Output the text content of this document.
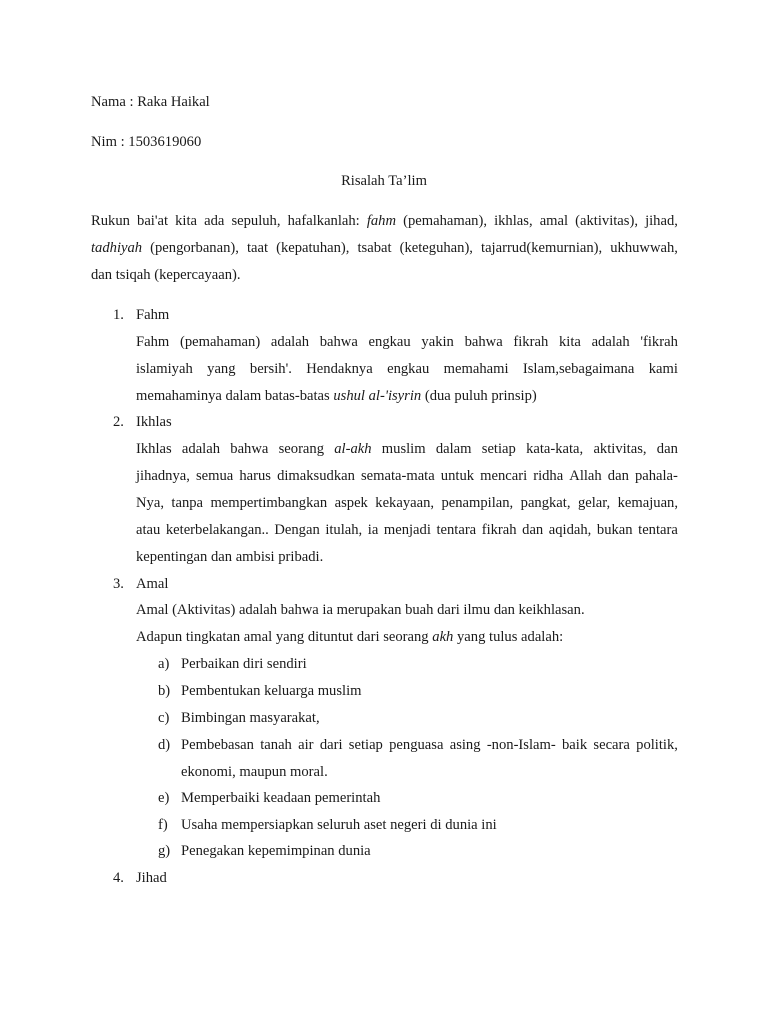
Nama : Raka Haikal
Nim : 1503619060
Risalah Ta’lim
Rukun bai'at kita ada sepuluh, hafalkanlah: fahm (pemahaman), ikhlas, amal (aktivitas), jihad,
tadhiyah (pengorbanan), taat (kepatuhan), tsabat (keteguhan), tajarrud(kemurnian), ukhuwwah,
dan tsiqah (kepercayaan).
1. Fahm
Fahm (pemahaman) adalah bahwa engkau yakin bahwa fikrah kita adalah 'fikrah
islamiyah yang bersih'. Hendaknya engkau memahami Islam,sebagaimana kami
memahaminya dalam batas-batas ushul al-'isyrin (dua puluh prinsip)
2. Ikhlas
Ikhlas adalah bahwa seorang al-akh muslim dalam setiap kata-kata, aktivitas, dan
jihadnya, semua harus dimaksudkan semata-mata untuk mencari ridha Allah dan pahala-
Nya, tanpa mempertimbangkan aspek kekayaan, penampilan, pangkat, gelar, kemajuan,
atau keterbelakangan.. Dengan itulah, ia menjadi tentara fikrah dan aqidah, bukan tentara
kepentingan dan ambisi pribadi.
3. Amal
Amal (Aktivitas) adalah bahwa ia merupakan buah dari ilmu dan keikhlasan.
Adapun tingkatan amal yang dituntut dari seorang akh yang tulus adalah:
a) Perbaikan diri sendiri
b) Pembentukan keluarga muslim
c) Bimbingan masyarakat,
d) Pembebasan tanah air dari setiap penguasa asing -non-Islam- baik secara politik,
ekonomi, maupun moral.
e) Memperbaiki keadaan pemerintah
f) Usaha mempersiapkan seluruh aset negeri di dunia ini
g) Penegakan kepemimpinan dunia
4. Jihad
